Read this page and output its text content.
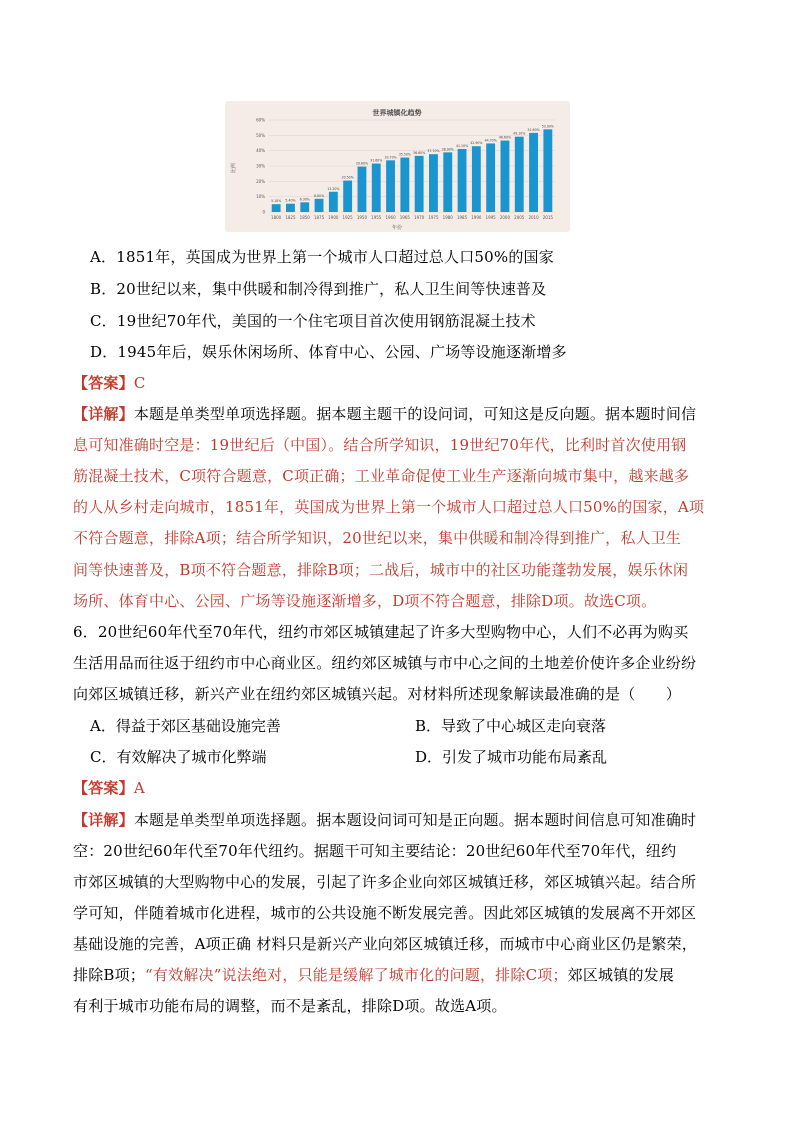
世界城镇化趋势
比例
年份
0
10%
20%
30%
40%
50%
60%
5.10%
1800
5.40%
1825
6.30%
1850
8.60%
1875
13.20%
1900
20.50%
1925
29.60%
1950
31.60%
1955
33.70%
1960
35.50%
1965
36.60%
1970
37.70%
1975
38.90%
1980
41.10%
1985
42.90%
1990
44.70%
1995
46.60%
2000
49.10%
2005
51.60%
2010
53.90%
2015
A．1851年，英国成为世界上第一个城市人口超过总人口50%的国家
B．20世纪以来，集中供暖和制冷得到推广，私人卫生间等快速普及
C．19世纪70年代，美国的一个住宅项目首次使用钢筋混凝土技术
D．1945年后，娱乐休闲场所、体育中心、公园、广场等设施逐渐增多
【答案】C
【详解】本题是单类型单项选择题。据本题主题干的设问词，可知这是反向题。据本题时间信
息可知准确时空是：19世纪后（中国）。结合所学知识，19世纪70年代，比利时首次使用钢
筋混凝土技术，C项符合题意，C项正确；工业革命促使工业生产逐渐向城市集中，越来越多
的人从乡村走向城市，1851年，英国成为世界上第一个城市人口超过总人口50%的国家，A项
不符合题意，排除A项；结合所学知识，20世纪以来，集中供暖和制冷得到推广，私人卫生
间等快速普及，B项不符合题意，排除B项；二战后，城市中的社区功能蓬勃发展，娱乐休闲
场所、体育中心、公园、广场等设施逐渐增多，D项不符合题意，排除D项。故选C项。
6．20世纪60年代至70年代，纽约市郊区城镇建起了许多大型购物中心，人们不必再为购买
生活用品而往返于纽约市中心商业区。纽约郊区城镇与市中心之间的土地差价使许多企业纷纷
向郊区城镇迁移，新兴产业在纽约郊区城镇兴起。对材料所述现象解读最准确的是（　　）
A．得益于郊区基础设施完善	B．导致了中心城区走向衰落
C．有效解决了城市化弊端	D．引发了城市功能布局紊乱
【答案】A
【详解】本题是单类型单项选择题。据本题设问词可知是正向题。据本题时间信息可知准确时
空：20世纪60年代至70年代纽约。据题干可知主要结论：20世纪60年代至70年代，纽约
市郊区城镇的大型购物中心的发展，引起了许多企业向郊区城镇迁移，郊区城镇兴起。结合所
学可知，伴随着城市化进程，城市的公共设施不断发展完善。因此郊区城镇的发展离不开郊区
基础设施的完善，A项正确 材料只是新兴产业向郊区城镇迁移，而城市中心商业区仍是繁荣，
排除B项；“有效解决”说法绝对，只能是缓解了城市化的问题，排除C项；郊区城镇的发展
有利于城市功能布局的调整，而不是紊乱，排除D项。故选A项。
